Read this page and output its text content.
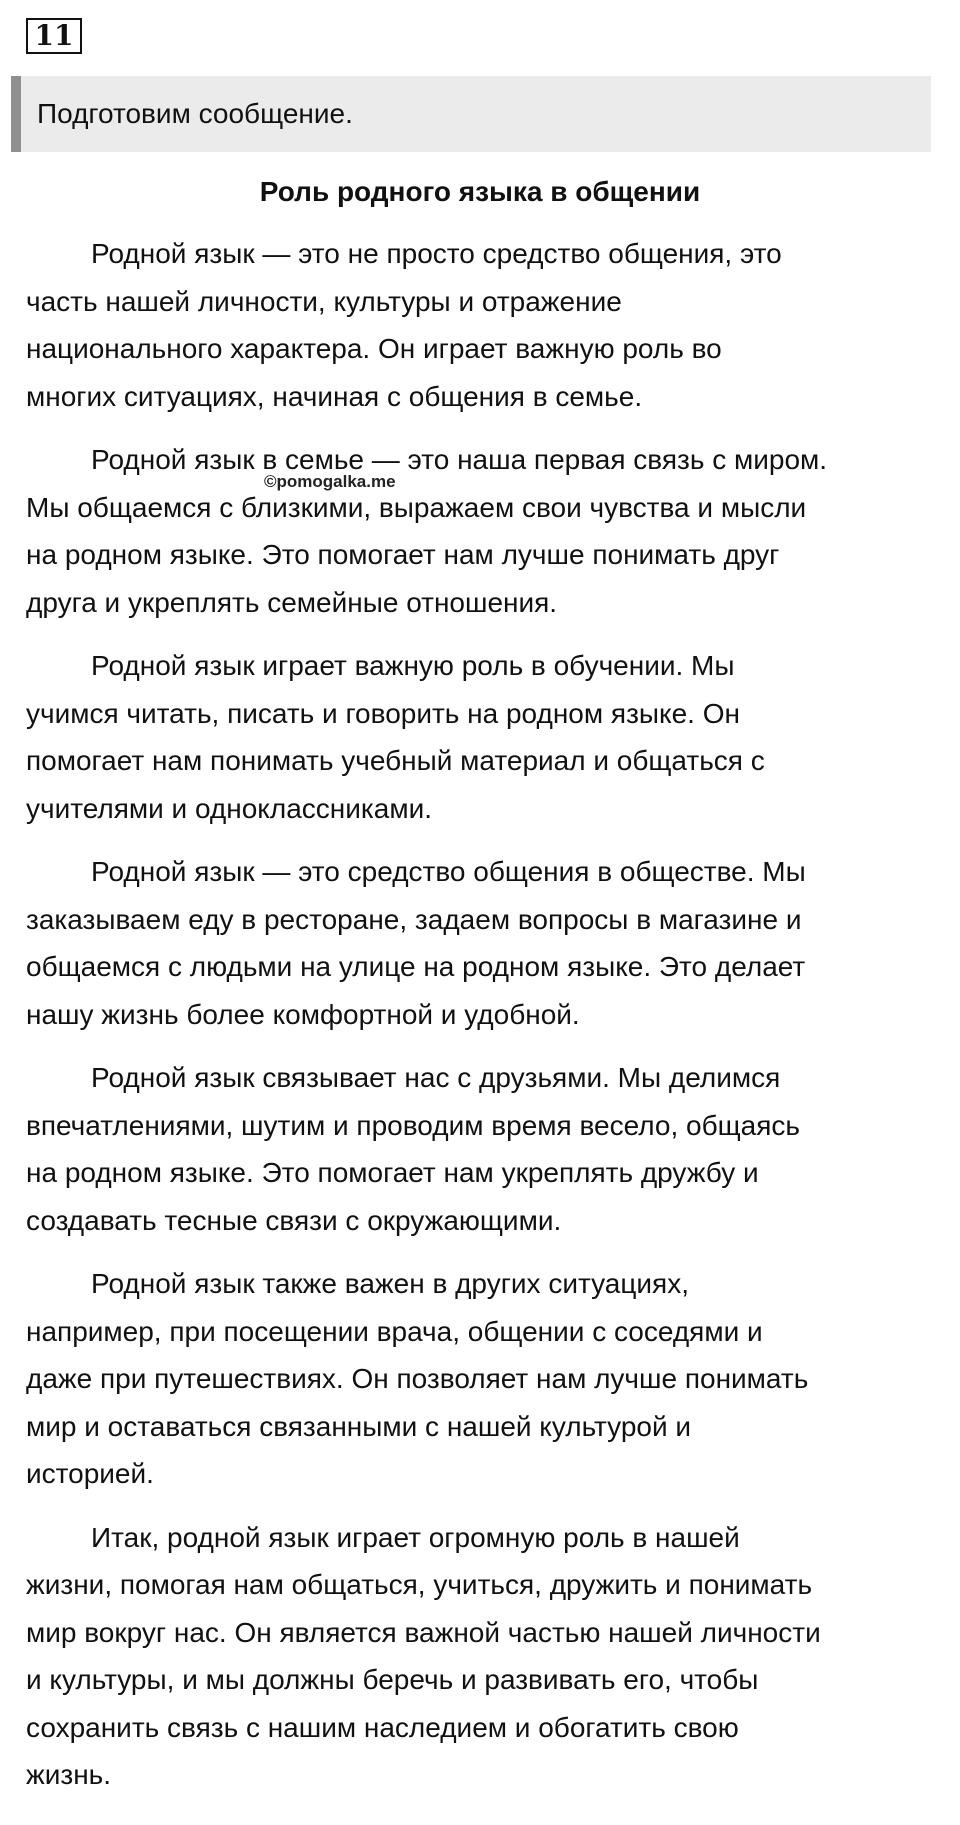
11
Подготовим сообщение.
Роль родного языка в общении

Родной язык — это не просто средство общения, это
часть нашей личности, культуры и отражение
национального характера. Он играет важную роль во
многих ситуациях, начиная с общения в семье.

Родной язык в семье — это наша первая связь с миром.
Мы общаемся с близкими, выражаем свои чувства и мысли
на родном языке. Это помогает нам лучше понимать друг
друга и укреплять семейные отношения.

Родной язык играет важную роль в обучении. Мы
учимся читать, писать и говорить на родном языке. Он
помогает нам понимать учебный материал и общаться с
учителями и одноклассниками.

Родной язык — это средство общения в обществе. Мы
заказываем еду в ресторане, задаем вопросы в магазине и
общаемся с людьми на улице на родном языке. Это делает
нашу жизнь более комфортной и удобной.

Родной язык связывает нас с друзьями. Мы делимся
впечатлениями, шутим и проводим время весело, общаясь
на родном языке. Это помогает нам укреплять дружбу и
создавать тесные связи с окружающими.

Родной язык также важен в других ситуациях,
например, при посещении врача, общении с соседями и
даже при путешествиях. Он позволяет нам лучше понимать
мир и оставаться связанными с нашей культурой и
историей.

Итак, родной язык играет огромную роль в нашей
жизни, помогая нам общаться, учиться, дружить и понимать
мир вокруг нас. Он является важной частью нашей личности
и культуры, и мы должны беречь и развивать его, чтобы
сохранить связь с нашим наследием и обогатить свою
жизнь.

©pomogalka.me
